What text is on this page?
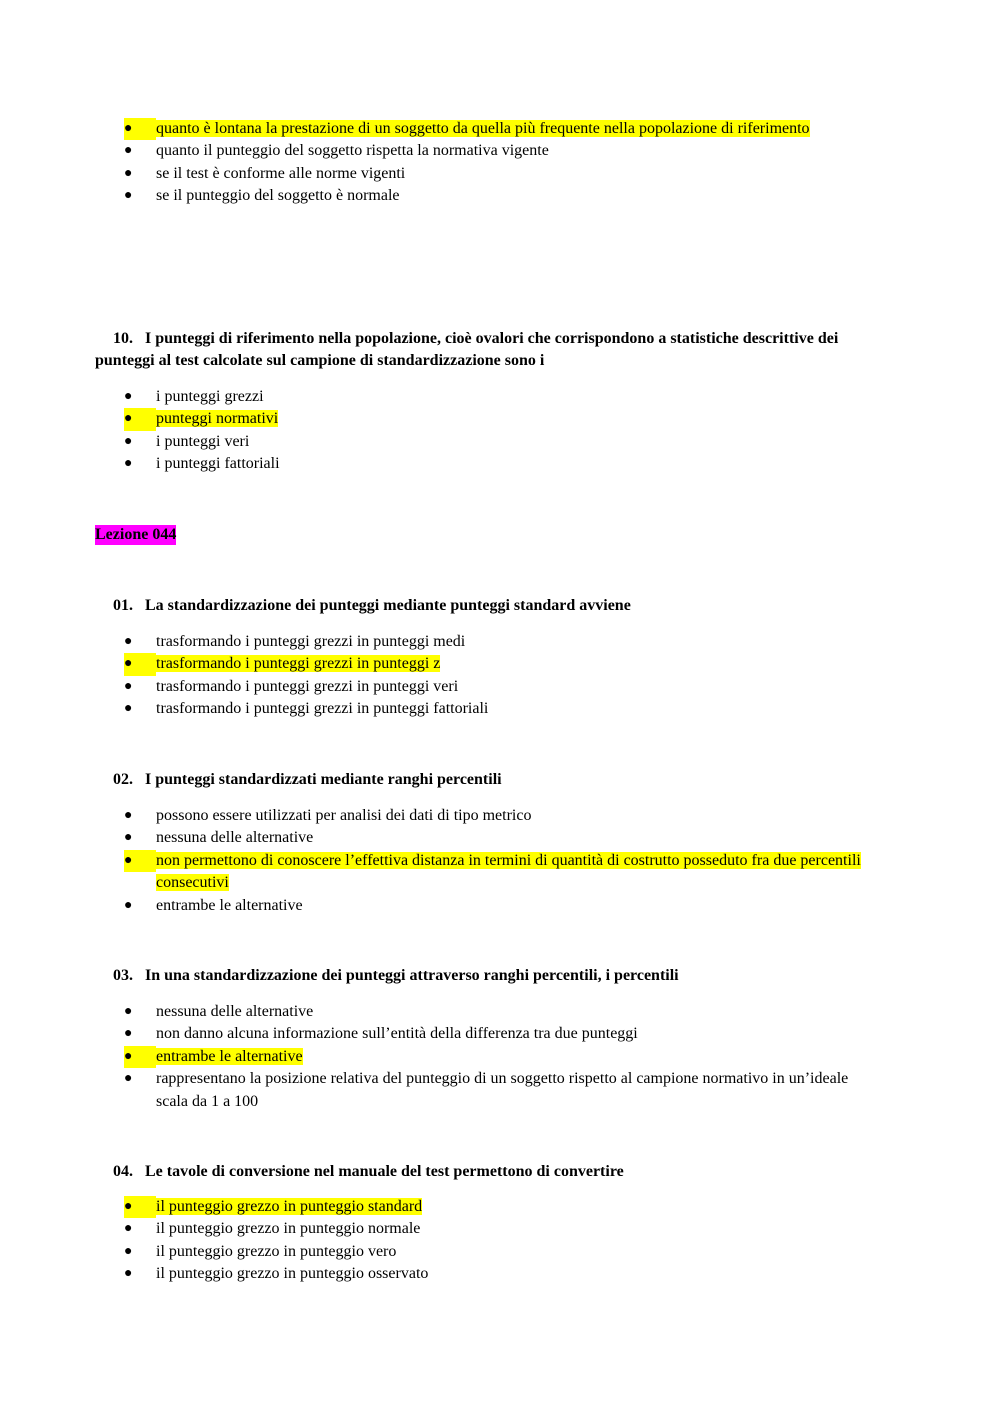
●	quanto è lontana la prestazione di un soggetto da quella più frequente nella popolazione di riferimento
●	quanto il punteggio del soggetto rispetta la normativa vigente
●	se il test è conforme alle norme vigenti
●	se il punteggio del soggetto è normale
10. I punteggi di riferimento nella popolazione, cioè ovalori che corrispondono a statistiche descrittive dei
punteggi al test calcolate sul campione di standardizzazione sono i
●	i punteggi grezzi
●	punteggi normativi
●	i punteggi veri
●	i punteggi fattoriali
Lezione 044
01. La standardizzazione dei punteggi mediante punteggi standard avviene
●	trasformando i punteggi grezzi in punteggi medi
●	trasformando i punteggi grezzi in punteggi z
●	trasformando i punteggi grezzi in punteggi veri
●	trasformando i punteggi grezzi in punteggi fattoriali
02. I punteggi standardizzati mediante ranghi percentili
●	possono essere utilizzati per analisi dei dati di tipo metrico
●	nessuna delle alternative
●	non permettono di conoscere l’effettiva distanza in termini di quantità di costrutto posseduto fra due percentili
consecutivi
●	entrambe le alternative
03. In una standardizzazione dei punteggi attraverso ranghi percentili, i percentili
●	nessuna delle alternative
●	non danno alcuna informazione sull’entità della differenza tra due punteggi
●	entrambe le alternative
●	rappresentano la posizione relativa del punteggio di un soggetto rispetto al campione normativo in un’ideale
scala da 1 a 100
04. Le tavole di conversione nel manuale del test permettono di convertire
●	il punteggio grezzo in punteggio standard
●	il punteggio grezzo in punteggio normale
●	il punteggio grezzo in punteggio vero
●	il punteggio grezzo in punteggio osservato
